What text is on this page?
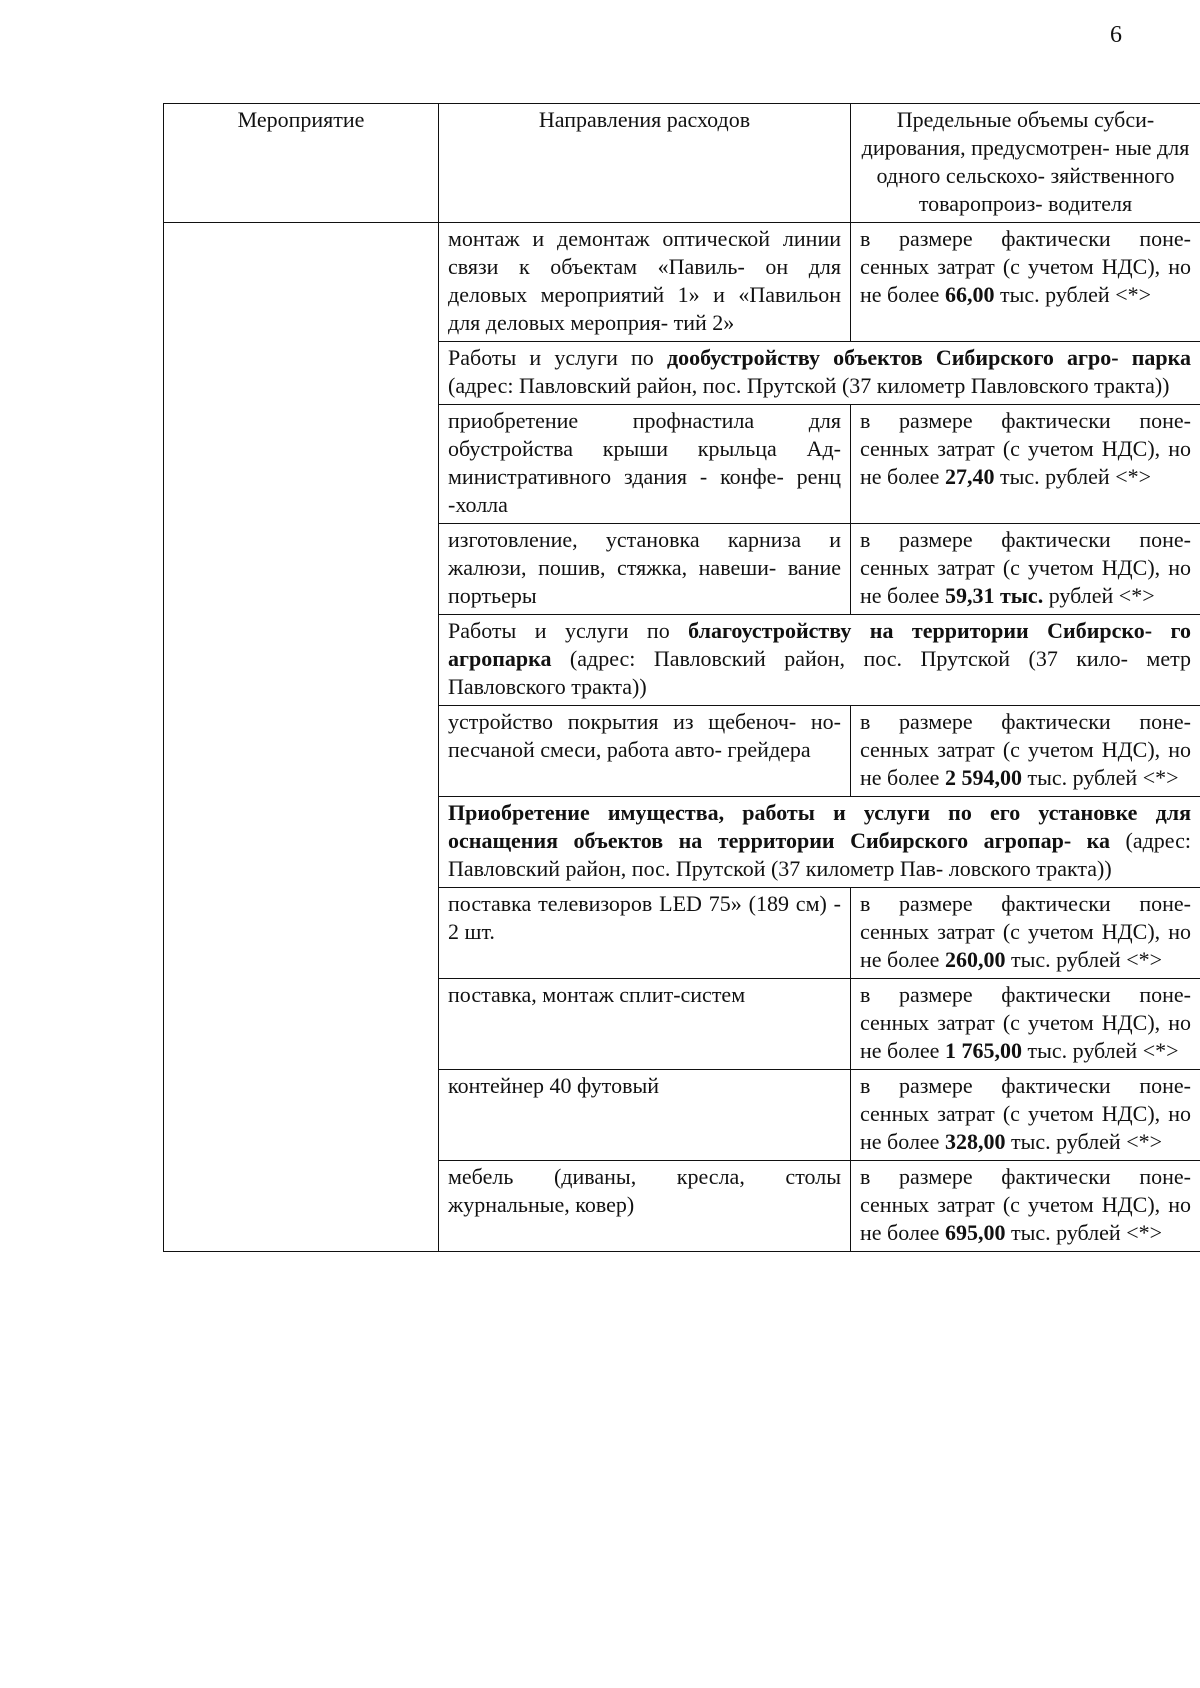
6
Мероприятие	Направления расходов	Предельные объемы субси- дирования, предусмотрен- ные для одного сельскохо- зяйственного товаропроиз- водителя
	монтаж и демонтаж оптической линии связи к объектам «Павиль- он для деловых мероприятий 1» и «Павильон для деловых мероприя- тий 2»	в размере фактически поне- сенных затрат (с учетом НДС), но не более 66,00 тыс. рублей <*>
	Работы и услуги по дообустройству объектов Сибирского агро- парка (адрес: Павловский район, пос. Прутской (37 километр Павловского тракта))	
	приобретение профнастила для обустройства крыши крыльца Ад- министративного здания - конфе- ренц -холла	в размере фактически поне- сенных затрат (с учетом НДС), но не более 27,40 тыс. рублей <*>
	изготовление, установка карниза и жалюзи, пошив, стяжка, навеши- вание портьеры	в размере фактически поне- сенных затрат (с учетом НДС), но не более 59,31 тыс. рублей <*>
	Работы и услуги по благоустройству на территории Сибирско- го агропарка (адрес: Павловский район, пос. Прутской (37 кило- метр Павловского тракта))	
	устройство покрытия из щебеноч- но-песчаной смеси, работа авто- грейдера	в размере фактически поне- сенных затрат (с учетом НДС), но не более 2 594,00 тыс. рублей <*>
	Приобретение имущества, работы и услуги по его установке для оснащения объектов на территории Сибирского агропар- ка (адрес: Павловский район, пос. Прутской (37 километр Пав- ловского тракта))	
	поставка телевизоров LED 75» (189 см) - 2 шт.	в размере фактически поне- сенных затрат (с учетом НДС), но не более 260,00 тыс. рублей <*>
	поставка, монтаж сплит-систем	в размере фактически поне- сенных затрат (с учетом НДС), но не более 1 765,00 тыс. рублей <*>
	контейнер 40 футовый	в размере фактически поне- сенных затрат (с учетом НДС), но не более 328,00 тыс. рублей <*>
	мебель (диваны, кресла, столы журнальные, ковер)	в размере фактически поне- сенных затрат (с учетом НДС), но не более 695,00 тыс. рублей <*>
